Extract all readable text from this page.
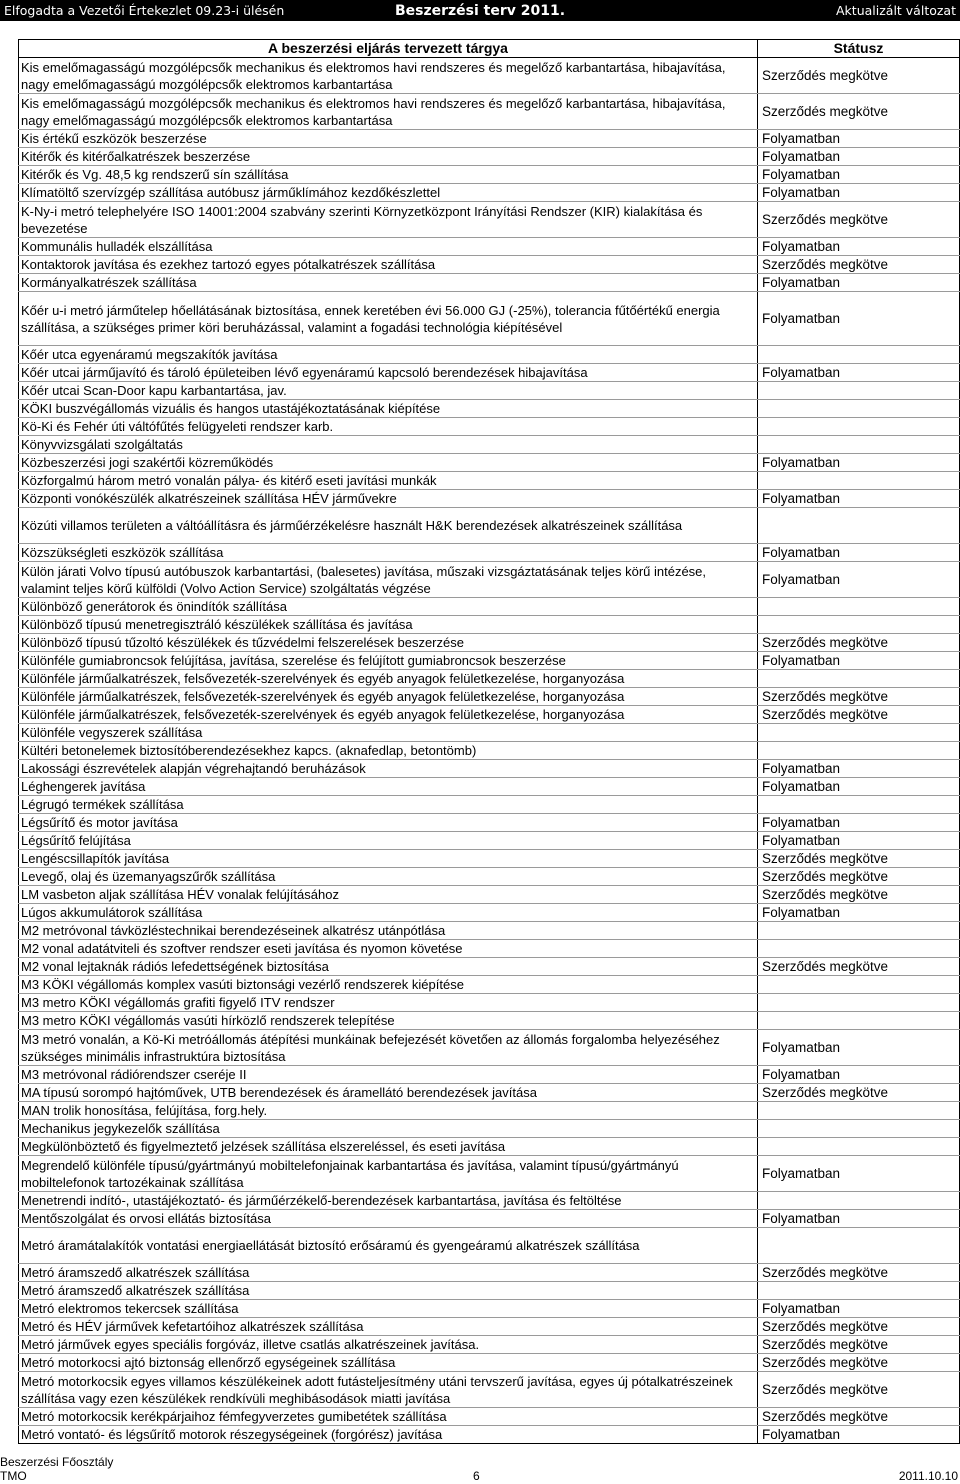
Elfogadta a Vezetői Értekezlet 09.23-i ülésén	Beszerzési terv 2011.	Aktualizált változat
A beszerzési eljárás tervezett tárgya	Státusz
Kis emelőmagasságú mozgólépcsők mechanikus és elektromos havi rendszeres és megelőző karbantartása, hibajavítása, nagy emelőmagasságú mozgólépcsők elektromos karbantartása	Szerződés megkötve
Kis emelőmagasságú mozgólépcsők mechanikus és elektromos havi rendszeres és megelőző karbantartása, hibajavítása, nagy emelőmagasságú mozgólépcsők elektromos karbantartása	Szerződés megkötve
Kis értékű eszközök beszerzése	Folyamatban
Kitérők és kitérőalkatrészek beszerzése	Folyamatban
Kitérők és Vg. 48,5 kg rendszerű sín szállítása	Folyamatban
Klímatöltő szervízgép szállítása autóbusz járműklímához kezdőkészlettel	Folyamatban
K-Ny-i metró telephelyére ISO 14001:2004 szabvány szerinti Környzetközpont Irányítási Rendszer (KIR) kialakítása és bevezetése	Szerződés megkötve
Kommunális hulladék elszállítása	Folyamatban
Kontaktorok javítása és ezekhez tartozó egyes pótalkatrészek szállítása	Szerződés megkötve
Kormányalkatrészek szállítása	Folyamatban
Kőér u-i metró járműtelep hőellátásának biztosítása, ennek keretében évi 56.000 GJ (-25%), tolerancia fűtőértékű energia szállítása, a szükséges primer köri beruházással, valamint a fogadási technológia kiépítésével	Folyamatban
Kőér utca egyenáramú megszakítók javítása	
Kőér utcai járműjavító és tároló épületeiben lévő egyenáramú kapcsoló berendezések hibajavítása	Folyamatban
Kőér utcai Scan-Door kapu karbantartása, jav.	
KÖKI buszvégállomás vizuális és hangos utastájékoztatásának kiépítése	
Kö-Ki és Fehér úti váltófűtés felügyeleti rendszer karb.	
Könyvvizsgálati szolgáltatás	
Közbeszerzési jogi szakértői közreműködés	Folyamatban
Közforgalmú három metró vonalán pálya- és kitérő eseti javítási munkák	
Központi vonókészülék alkatrészeinek szállítása HÉV járművekre	Folyamatban
Közúti villamos területen a váltóállításra és járműérzékelésre használt H&K berendezések alkatrészeinek szállítása	
Közszükségleti eszközök szállítása	Folyamatban
Külön járati Volvo típusú autóbuszok karbantartási, (balesetes) javítása, műszaki vizsgáztatásának teljes körű intézése, valamint teljes körű külföldi (Volvo Action Service) szolgáltatás végzése	Folyamatban
Különböző generátorok és önindítók szállítása	
Különböző típusú menetregisztráló készülékek szállítása és javítása	
Különböző típusú tűzoltó készülékek és tűzvédelmi felszerelések beszerzése	Szerződés megkötve
Különféle gumiabroncsok felújítása, javítása, szerelése és felújított gumiabroncsok beszerzése	Folyamatban
Különféle járműalkatrészek, felsővezeték-szerelvények és egyéb anyagok felületkezelése, horganyozása	
Különféle járműalkatrészek, felsővezeték-szerelvények és egyéb anyagok felületkezelése, horganyozása	Szerződés megkötve
Különféle járműalkatrészek, felsővezeték-szerelvények és egyéb anyagok felületkezelése, horganyozása	Szerződés megkötve
Különféle vegyszerek szállítása	
Kültéri betonelemek biztosítóberendezésekhez kapcs. (aknafedlap, betontömb)	
Lakossági észrevételek alapján végrehajtandó beruházások	Folyamatban
Léghengerek javítása	Folyamatban
Légrugó termékek szállítása	
Légsűrítő és motor javítása	Folyamatban
Légsűrítő felújítása	Folyamatban
Lengéscsillapítók javítása	Szerződés megkötve
Levegő, olaj és üzemanyagszűrők szállítása	Szerződés megkötve
LM vasbeton aljak szállítása HÉV vonalak felújításához	Szerződés megkötve
Lúgos akkumulátorok szállítása	Folyamatban
M2 metróvonal távközléstechnikai berendezéseinek alkatrész utánpótlása	
M2 vonal adatátviteli és szoftver rendszer eseti javítása és nyomon követése	
M2 vonal lejtaknák rádiós lefedettségének biztosítása	Szerződés megkötve
M3 KÖKI végállomás komplex vasúti biztonsági vezérlő rendszerek kiépítése	
M3 metro KÖKI végállomás grafiti figyelő ITV rendszer	
M3 metro KÖKI végállomás vasúti hírközlő rendszerek telepítése	
M3 metró vonalán, a Kö-Ki metróállomás átépítési munkáinak befejezését követően az állomás forgalomba helyezéséhez szükséges minimális infrastruktúra biztosítása	Folyamatban
M3 metróvonal rádiórendszer cseréje II	Folyamatban
MA típusú sorompó hajtóművek, UTB berendezések és áramellátó berendezések javítása	Szerződés megkötve
MAN trolik honosítása, felújítása, forg.hely.	
Mechanikus jegykezelők szállítása	
Megkülönböztető és figyelmeztető jelzések szállítása elszereléssel, és eseti javítása	
Megrendelő különféle típusú/gyártmányú mobiltelefonjainak karbantartása és javítása, valamint típusú/gyártmányú mobiltelefonok tartozékainak szállítása	Folyamatban
Menetrendi indító-, utastájékoztató- és járműérzékelő-berendezések karbantartása, javítása és feltöltése	
Mentőszolgálat és orvosi ellátás biztosítása	Folyamatban
Metró áramátalakítók vontatási energiaellátását biztosító erősáramú és gyengeáramú alkatrészek szállítása	
Metró áramszedő alkatrészek szállítása	Szerződés megkötve
Metró áramszedő alkatrészek szállítása	
Metró elektromos tekercsek szállítása	Folyamatban
Metró és HÉV járművek kefetartóihoz alkatrészek szállítása	Szerződés megkötve
Metró járművek egyes speciális forgóváz, illetve csatlás alkatrészeinek javítása.	Szerződés megkötve
Metró motorkocsi ajtó biztonság ellenőrző egységeinek szállítása	Szerződés megkötve
Metró motorkocsik egyes villamos készülékeinek adott futásteljesítmény utáni tervszerű javítása, egyes új pótalkatrészeinek szállítása vagy ezen készülékek rendkívüli meghibásodások miatti javítása	Szerződés megkötve
Metró motorkocsik kerékpárjaihoz fémfegyverzetes gumibetétek szállítása	Szerződés megkötve
Metró vontató- és légsűrítő motorok részegységeinek (forgórész) javítása	Folyamatban
Beszerzési Főosztály
TMO	6	2011.10.10
